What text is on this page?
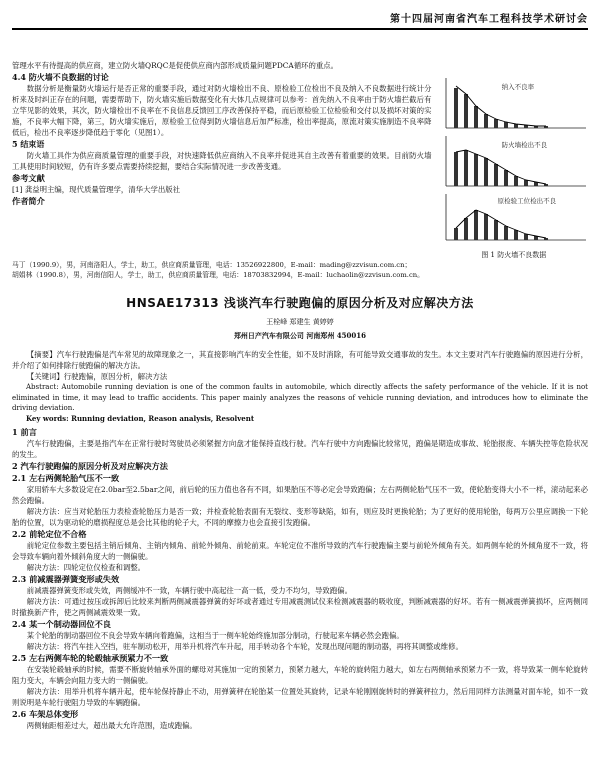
第十四届河南省汽车工程科技学术研讨会

管理水平有待提高的供应商，建立防火墙QRQC是促使供应商内部形成质量问题PDCA循环的重点。

4.4 防火墙不良数据的讨论

数据分析是衡量防火墙运行是否正常的重要手段，通过对防火墙检出不良、原检验工位检出不良及纳入不良数据进行统计分析来及时纠正存在的问题，需要帮助下，防火墙实施后数据变化有大体几点规律可以参考：首先纳入不良率由于防火墙拦截后有立竿见影的效果，其次，防火墙检出不良率在不良信息反馈回工序改善保持平稳，而后原检验工位检验和交付以及损坏对策的实施，不良率大幅下降，第三，防火墙实施后，原检验工位得到防火墙信息后加严标准，检出率提高，原流对策实施制造不良率降低后，检出不良率逐步降低趋于零化（见图1）。

5 结束语

防火墙工具作为供应商质量管理的重要手段，对快速降低供应商纳入不良率并促进其自主改善有着重要的效果。目前防火墙工具使用时间较短，仍有许多要点需要持续挖掘，要结合实际情况进一步改善变通。

参考文献

[1] 龚益明主编，现代质量管理学，清华大学出版社

作者简介
纳入不良率
防火墙检出不良
原检验工位检出不良
图 1 防火墙不良数据

马丁（1990.9），男，河南洛阳人，学士，助工，供应商质量管理，电话：13526922800，E-mail：mading@zzvisun.com.cn；

胡娟林（1990.8），男，河南信阳人，学士，助工，供应商质量管理，电话：18703832994，E-mail：luchaolin@zzvisun.com.cn。

HNSAE17313 浅谈汽车行驶跑偏的原因分析及对应解决方法
王栓峰 郑建生 黄婷婷
郑州日产汽车有限公司 河南郑州 450016

【摘要】汽车行驶跑偏是汽车常见的故障现象之一，其直接影响汽车的安全性能，如不及时消除，有可能导致交通事故的发生。本文主要对汽车行驶跑偏的原因进行分析，并介绍了如何排除行驶跑偏的解决方法。

【关键词】行驶跑偏，原因分析，解决方法

Abstract: Automobile running deviation is one of the common faults in automobile, which directly affects the safety performance of the vehicle. If it is not eliminated in time, it may lead to traffic accidents. This paper mainly analyzes the reasons of vehicle running deviation, and introduces how to eliminate the driving deviation.

Key words: Running deviation, Reason analysis, Resolvent

1 前言

汽车行驶跑偏，主要是指汽车在正常行驶时驾驶员必须紧握方向盘才能保持直线行驶。汽车行驶中方向跑偏比较常见，跑偏是期造成事故、轮胎报废、车辆失控等危险状况的发生。

2 汽车行驶跑偏的原因分析及对应解决方法
2.1 左右两侧轮胎气压不一致

家用轿车大多数设定在2.0bar至2.5bar之间，前后轮的压力值也各有不同，如果胎压不等必定会导致跑偏；左右两侧轮胎气压不一致，使轮胎变得大小不一样，滚动起来必然会跑偏。

解决方法：应当对轮胎压力表检查轮胎压力是否一致；并检查轮胎表面有无裂纹、变形等缺陷，如有，则应及时更换轮胎；为了更好的使用轮胎，每两万公里应调换一下轮胎的位置，以为驱动轮的磨损程度总是会比其他的轮子大，不同的摩擦力也会直接引发跑偏。

2.2 前轮定位不合格

前轮定位参数主要包括主销后倾角、主销内倾角、前轮外倾角、前轮前束。车轮定位不准所导致的汽车行驶跑偏主要与前轮外倾角有关。如两侧车轮的外倾角度不一致，将会导致车辆向着外倾斜角度大的一侧偏驶。

解决方法：四轮定位仪检查和调整。

2.3 前减震器弹簧变形或失效

前减震器弹簧变形或失效，两侧缓冲不一致，车辆行驶中高起往一高一低，受力不均匀，导致跑偏。

解决方法：可通过按压或拆卸后比较来判断两侧减震器弹簧的好坏或者通过专用减震测试仪来检测减震器的吸收度，判断减震器的好坏。若有一侧减震弹簧损坏，应两侧同时撤换新产件，使之两侧减震效果一致。

2.4 某一个制动器回位不良

某个轮胎的制动器回位不良会导致车辆向着跑偏，这相当于一侧车轮始终施加部分制动，行驶起来车辆必然会跑偏。

解决方法：将汽车挂入空挡，驻车制动松开，用举升机将汽车升起，用手转动各个车轮，发现出现问题的制动器，再将其调整或维修。

2.5 左右两侧车轮的轮毂轴承预紧力不一致

在安装轮毂轴承的时候，需要不断旋转轴承外面的螺母对其施加一定的预紧力，预紧力越大，车轮的旋转阻力越大，如左右两侧轴承预紧力不一致，将导致某一侧车轮旋转阻力变大，车辆会向阻力变大的一侧偏驶。

解决方法：用举升机将车辆升起，使车轮保持静止不动，用弹簧秤在轮胎某一位置处其旋转，记录车轮刚刚旋转时的弹簧秤拉力，然后用同样方法测量对面车轮，如不一致则说明是车轮行驶阻力导致的车辆跑偏。

2.6 车架总体变形

两侧轴距相差过大，超出最大允许范围，造成跑偏。
